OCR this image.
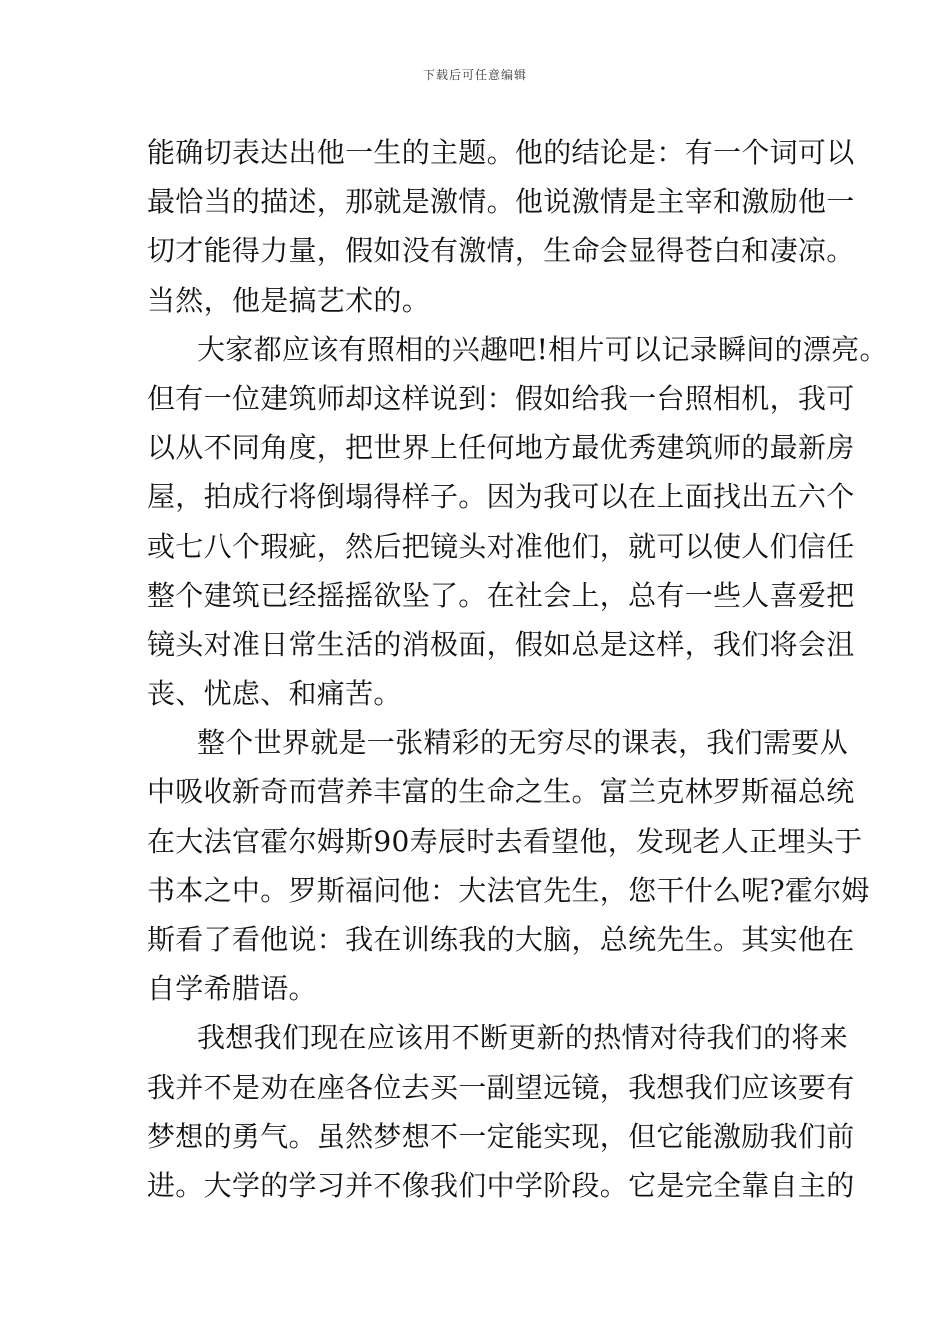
下载后可任意编辑
能确切表达出他一生的主题。他的结论是：有一个词可以
最恰当的描述，那就是激情。他说激情是主宰和激励他一
切才能得力量，假如没有激情，生命会显得苍白和凄凉。
当然，他是搞艺术的。
大家都应该有照相的兴趣吧!相片可以记录瞬间的漂亮。
但有一位建筑师却这样说到：假如给我一台照相机，我可
以从不同角度，把世界上任何地方最优秀建筑师的最新房
屋，拍成行将倒塌得样子。因为我可以在上面找出五六个
或七八个瑕疵，然后把镜头对准他们，就可以使人们信任
整个建筑已经摇摇欲坠了。在社会上，总有一些人喜爱把
镜头对准日常生活的消极面，假如总是这样，我们将会沮
丧、忧虑、和痛苦。
整个世界就是一张精彩的无穷尽的课表，我们需要从
中吸收新奇而营养丰富的生命之生。富兰克林罗斯福总统
在大法官霍尔姆斯90寿辰时去看望他，发现老人正埋头于
书本之中。罗斯福问他：大法官先生，您干什么呢?霍尔姆
斯看了看他说：我在训练我的大脑，总统先生。其实他在
自学希腊语。
我想我们现在应该用不断更新的热情对待我们的将来
我并不是劝在座各位去买一副望远镜，我想我们应该要有
梦想的勇气。虽然梦想不一定能实现，但它能激励我们前
进。大学的学习并不像我们中学阶段。它是完全靠自主的
